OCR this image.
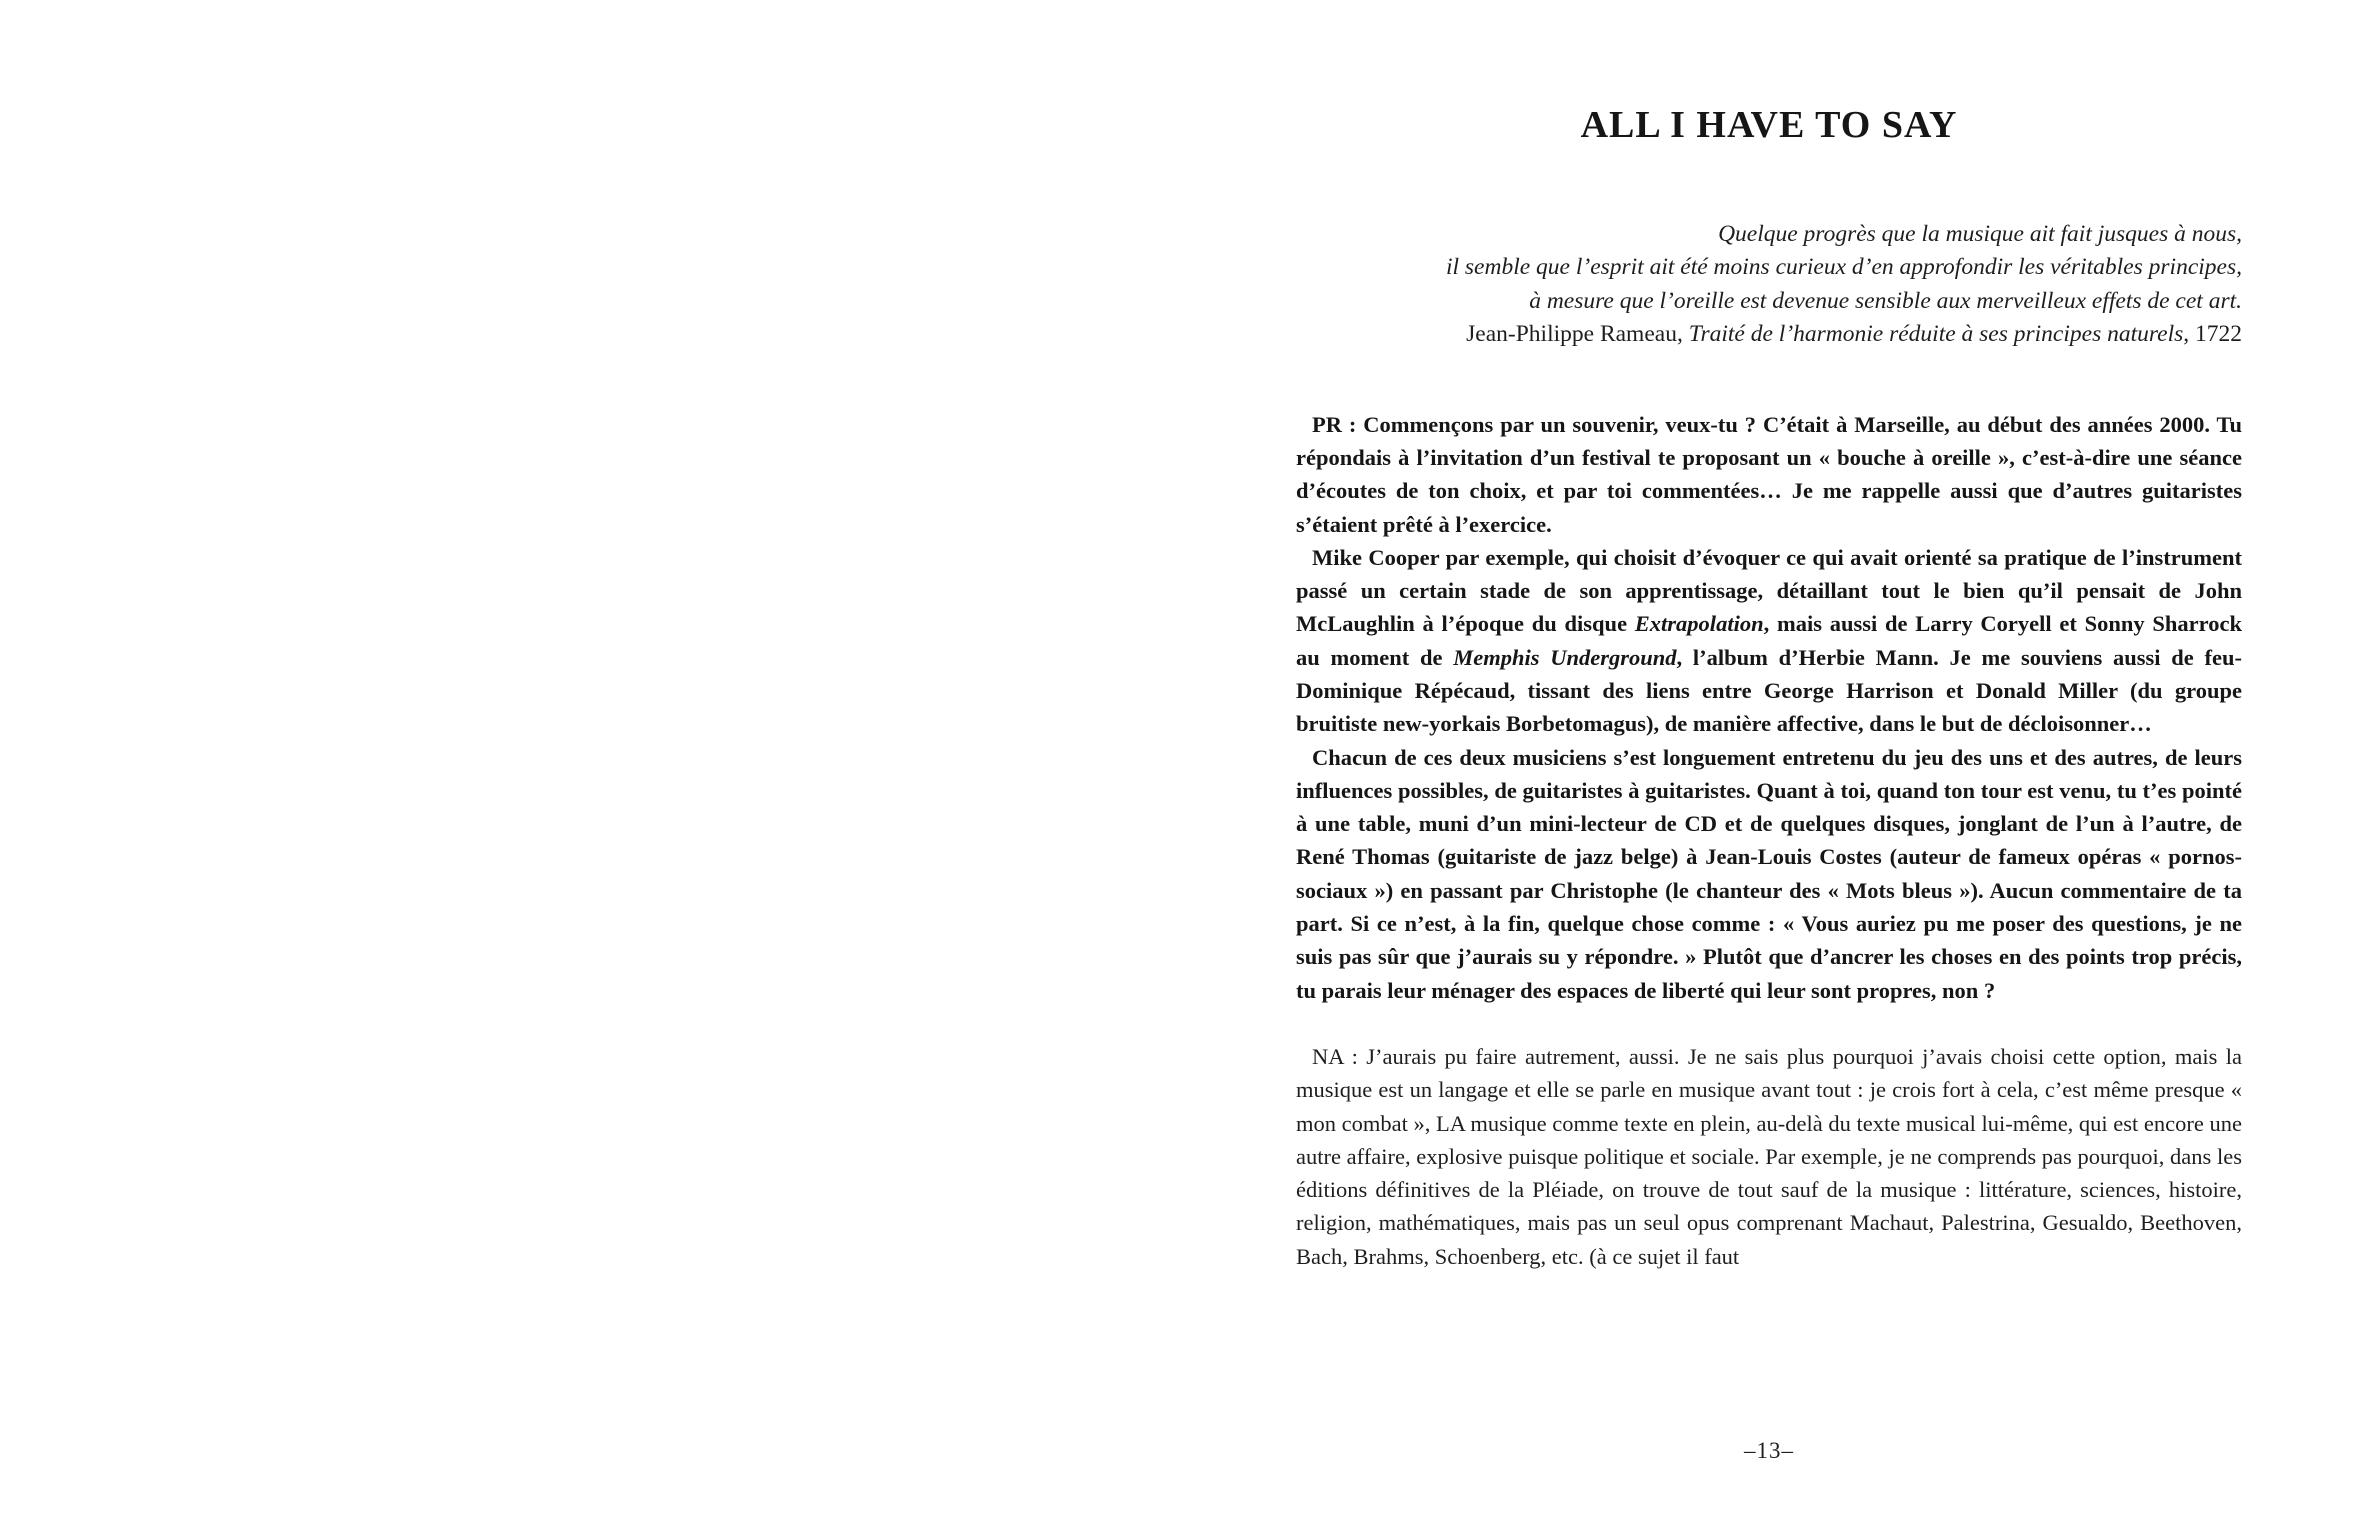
ALL I HAVE TO SAY
Quelque progrès que la musique ait fait jusques à nous,
il semble que l’esprit ait été moins curieux d’en approfondir les véritables principes,
à mesure que l’oreille est devenue sensible aux merveilleux effets de cet art.
Jean-Philippe Rameau, Traité de l’harmonie réduite à ses principes naturels, 1722

PR : Commençons par un souvenir, veux-tu ? C’était à Marseille, au début des années 2000. Tu répondais à l’invitation d’un festival te proposant un « bouche à oreille », c’est-à-dire une séance d’écoutes de ton choix, et par toi commentées… Je me rappelle aussi que d’autres guitaristes s’étaient prêté à l’exercice.

Mike Cooper par exemple, qui choisit d’évoquer ce qui avait orienté sa pratique de l’instrument passé un certain stade de son apprentissage, détaillant tout le bien qu’il pensait de John McLaughlin à l’époque du disque Extrapolation, mais aussi de Larry Coryell et Sonny Sharrock au moment de Memphis Underground, l’album d’Herbie Mann. Je me souviens aussi de feu-Dominique Répécaud, tissant des liens entre George Harrison et Donald Miller (du groupe bruitiste new-yorkais Borbetomagus), de manière affective, dans le but de décloisonner…

Chacun de ces deux musiciens s’est longuement entretenu du jeu des uns et des autres, de leurs influences possibles, de guitaristes à guitaristes. Quant à toi, quand ton tour est venu, tu t’es pointé à une table, muni d’un mini-lecteur de CD et de quelques disques, jonglant de l’un à l’autre, de René Thomas (guitariste de jazz belge) à Jean-Louis Costes (auteur de fameux opéras « pornos-sociaux ») en passant par Christophe (le chanteur des « Mots bleus »). Aucun commentaire de ta part. Si ce n’est, à la fin, quelque chose comme : « Vous auriez pu me poser des questions, je ne suis pas sûr que j’aurais su y répondre. » Plutôt que d’ancrer les choses en des points trop précis, tu parais leur ménager des espaces de liberté qui leur sont propres, non ?

NA : J’aurais pu faire autrement, aussi. Je ne sais plus pourquoi j’avais choisi cette option, mais la musique est un langage et elle se parle en musique avant tout : je crois fort à cela, c’est même presque « mon combat », LA musique comme texte en plein, au-delà du texte musical lui-même, qui est encore une autre affaire, explosive puisque politique et sociale. Par exemple, je ne comprends pas pourquoi, dans les éditions définitives de la Pléiade, on trouve de tout sauf de la musique : littérature, sciences, histoire, religion, mathématiques, mais pas un seul opus comprenant Machaut, Palestrina, Gesualdo, Beethoven, Bach, Brahms, Schoenberg, etc. (à ce sujet il faut

–13–
